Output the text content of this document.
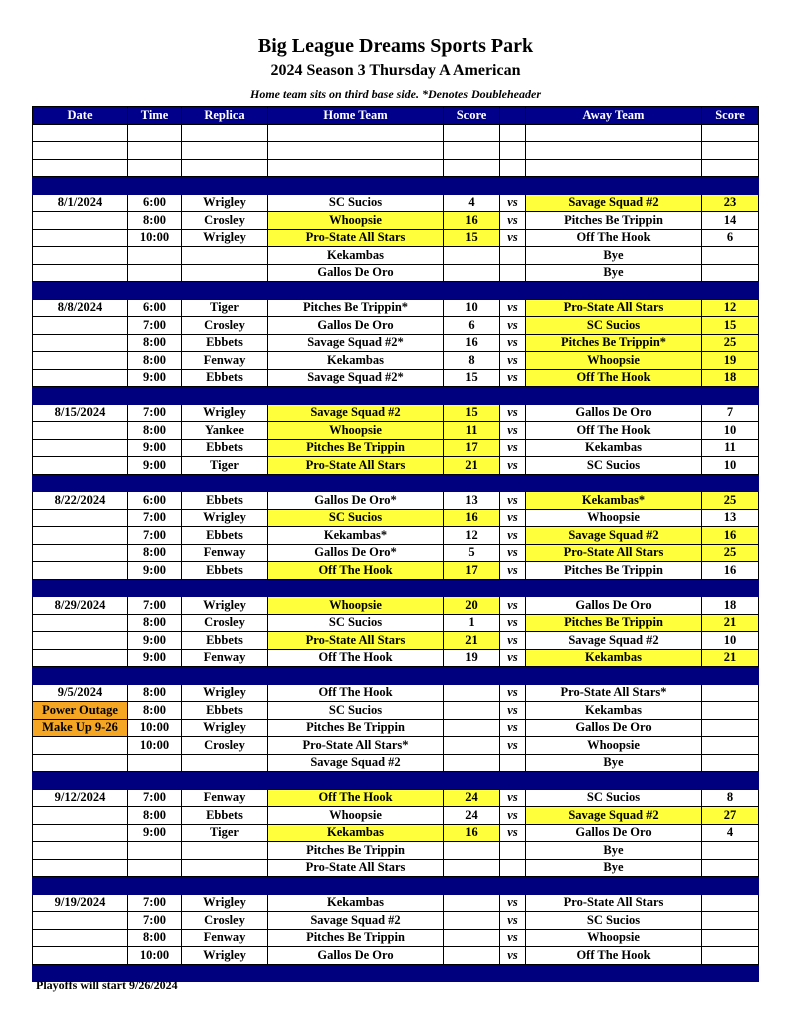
Big League Dreams Sports Park
2024 Season 3 Thursday A American
Home team sits on third base side. *Denotes Doubleheader
Date	Time	Replica	Home Team	Score		Away Team	Score

8/1/2024	6:00	Wrigley	SC Sucios	4	vs	Savage Squad #2	23
	8:00	Crosley	Whoopsie	16	vs	Pitches Be Trippin	14
	10:00	Wrigley	Pro-State All Stars	15	vs	Off The Hook	6
			Kekambas			Bye	
			Gallos De Oro			Bye	

8/8/2024	6:00	Tiger	Pitches Be Trippin*	10	vs	Pro-State All Stars	12
	7:00	Crosley	Gallos De Oro	6	vs	SC Sucios	15
	8:00	Ebbets	Savage Squad #2*	16	vs	Pitches Be Trippin*	25
	8:00	Fenway	Kekambas	8	vs	Whoopsie	19
	9:00	Ebbets	Savage Squad #2*	15	vs	Off The Hook	18

8/15/2024	7:00	Wrigley	Savage Squad #2	15	vs	Gallos De Oro	7
	8:00	Yankee	Whoopsie	11	vs	Off The Hook	10
	9:00	Ebbets	Pitches Be Trippin	17	vs	Kekambas	11
	9:00	Tiger	Pro-State All Stars	21	vs	SC Sucios	10

8/22/2024	6:00	Ebbets	Gallos De Oro*	13	vs	Kekambas*	25
	7:00	Wrigley	SC Sucios	16	vs	Whoopsie	13
	7:00	Ebbets	Kekambas*	12	vs	Savage Squad #2	16
	8:00	Fenway	Gallos De Oro*	5	vs	Pro-State All Stars	25
	9:00	Ebbets	Off The Hook	17	vs	Pitches Be Trippin	16

8/29/2024	7:00	Wrigley	Whoopsie	20	vs	Gallos De Oro	18
	8:00	Crosley	SC Sucios	1	vs	Pitches Be Trippin	21
	9:00	Ebbets	Pro-State All Stars	21	vs	Savage Squad #2	10
	9:00	Fenway	Off The Hook	19	vs	Kekambas	21

9/5/2024	8:00	Wrigley	Off The Hook		vs	Pro-State All Stars*	
Power Outage	8:00	Ebbets	SC Sucios		vs	Kekambas	
Make Up 9-26	10:00	Wrigley	Pitches Be Trippin		vs	Gallos De Oro	
	10:00	Crosley	Pro-State All Stars*		vs	Whoopsie	
			Savage Squad #2			Bye	

9/12/2024	7:00	Fenway	Off The Hook	24	vs	SC Sucios	8
	8:00	Ebbets	Whoopsie	24	vs	Savage Squad #2	27
	9:00	Tiger	Kekambas	16	vs	Gallos De Oro	4
			Pitches Be Trippin			Bye	
			Pro-State All Stars			Bye	

9/19/2024	7:00	Wrigley	Kekambas		vs	Pro-State All Stars	
	7:00	Crosley	Savage Squad #2		vs	SC Sucios	
	8:00	Fenway	Pitches Be Trippin		vs	Whoopsie	
	10:00	Wrigley	Gallos De Oro		vs	Off The Hook	

Playoffs will start 9/26/2024
